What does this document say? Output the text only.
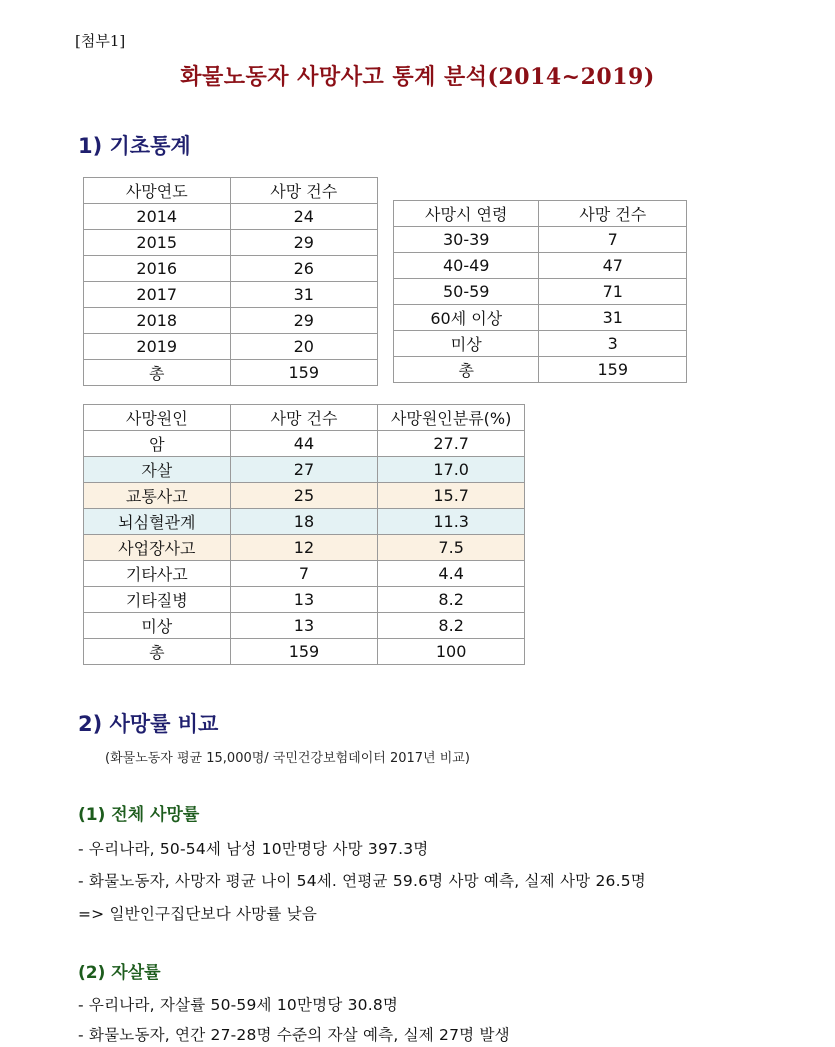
[첨부1]
화물노동자 사망사고 통계 분석(2014~2019)
1) 기초통계
사망연도	사망 건수
2014	24
2015	29
2016	26
2017	31
2018	29
2019	20
총	159
사망시 연령	사망 건수
30-39	7
40-49	47
50-59	71
60세 이상	31
미상	3
총	159
사망원인	사망 건수	사망원인분류(%)
암	44	27.7
자살	27	17.0
교통사고	25	15.7
뇌심혈관계	18	11.3
사업장사고	12	7.5
기타사고	7	4.4
기타질병	13	8.2
미상	13	8.2
총	159	100
2) 사망률 비교
(화물노동자 평균 15,000명/ 국민건강보험데이터 2017년 비교)
(1) 전체 사망률
- 우리나라, 50-54세 남성 10만명당 사망 397.3명
- 화물노동자, 사망자 평균 나이 54세. 연평균 59.6명 사망 예측, 실제 사망 26.5명
=> 일반인구집단보다 사망률 낮음
(2) 자살률
- 우리나라, 자살률 50-59세 10만명당 30.8명
- 화물노동자, 연간 27-28명 수준의 자살 예측, 실제 27명 발생
